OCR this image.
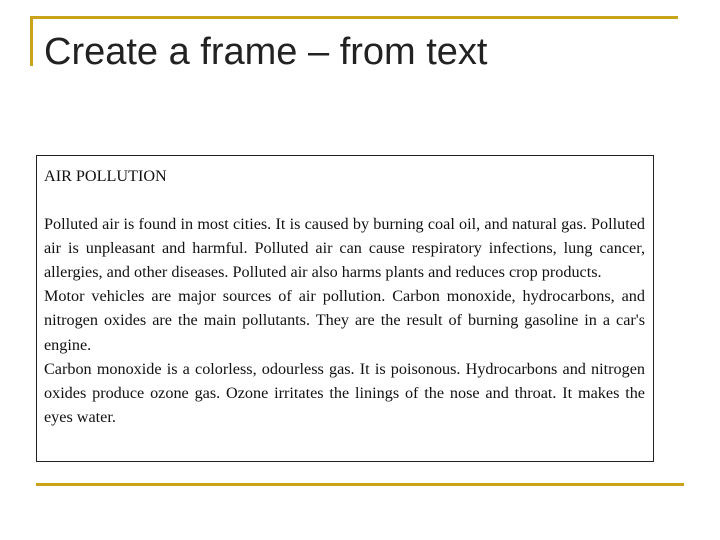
Create a frame – from text

AIR POLLUTION

Polluted air is found in most cities. It is caused by burning coal oil, and natural gas. Polluted air is unpleasant and harmful. Polluted air can cause respiratory infections, lung cancer, allergies, and other diseases. Polluted air also harms plants and reduces crop products.

Motor vehicles are major sources of air pollution. Carbon monoxide, hydrocarbons, and nitrogen oxides are the main pollutants. They are the result of burning gasoline in a car's engine.

Carbon monoxide is a colorless, odourless gas. It is poisonous. Hydrocarbons and nitrogen oxides produce ozone gas. Ozone irritates the linings of the nose and throat. It makes the eyes water.
